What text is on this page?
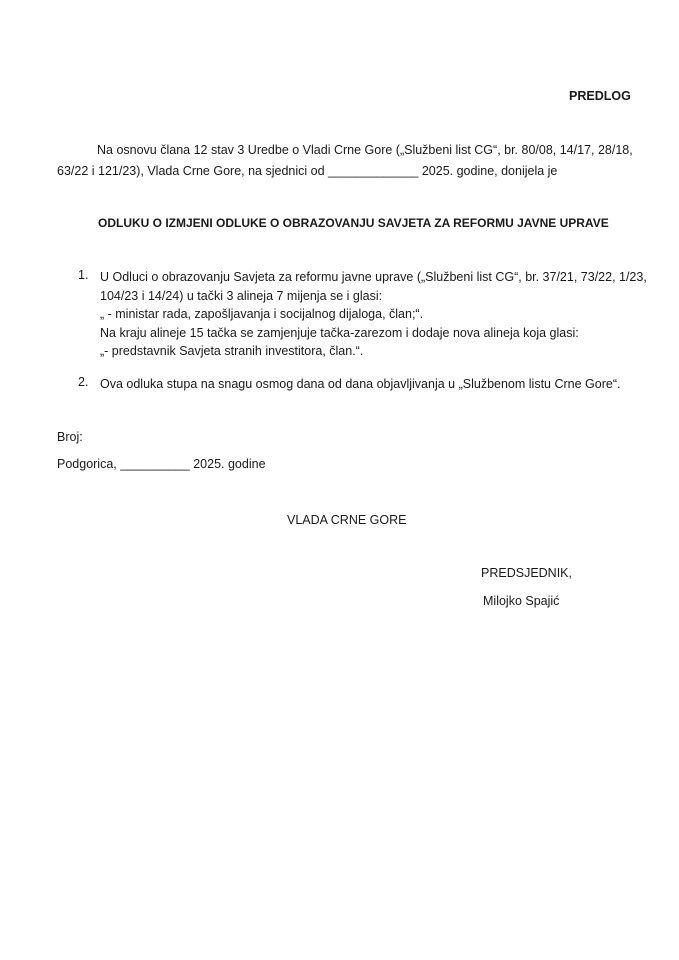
PREDLOG
Na osnovu člana 12 stav 3 Uredbe o Vladi Crne Gore („Službeni list CG“, br. 80/08, 14/17, 28/18,
63/22 i 121/23), Vlada Crne Gore, na sjednici od _____________ 2025. godine, donijela je
ODLUKU O IZMJENI ODLUKE O OBRAZOVANJU SAVJETA ZA REFORMU JAVNE UPRAVE
1. U Odluci o obrazovanju Savjeta za reformu javne uprave („Službeni list CG“, br. 37/21, 73/22, 1/23,
104/23 i 14/24) u tački 3 alineja 7 mijenja se i glasi:
„ - ministar rada, zapošljavanja i socijalnog dijaloga, član;“.
Na kraju alineje 15 tačka se zamjenjuje tačka-zarezom i dodaje nova alineja koja glasi:
„- predstavnik Savjeta stranih investitora, član.“.
2. Ova odluka stupa na snagu osmog dana od dana objavljivanja u „Službenom listu Crne Gore“.
Broj:
Podgorica, __________ 2025. godine
VLADA CRNE GORE
PREDSJEDNIK,
Milojko Spajić
